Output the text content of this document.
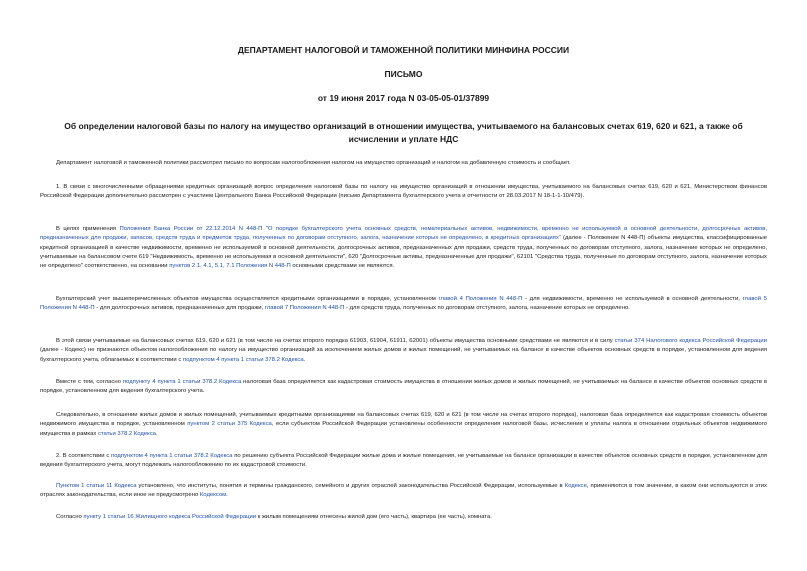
ДЕПАРТАМЕНТ НАЛОГОВОЙ И ТАМОЖЕННОЙ ПОЛИТИКИ МИНФИНА РОССИИ
ПИСЬМО
от 19 июня 2017 года N 03-05-05-01/37899
Об определении налоговой базы по налогу на имущество организаций в отношении имущества, учитываемого на балансовых счетах 619, 620 и 621, а также об исчислении и уплате НДС

Департамент налоговой и таможенной политики рассмотрел письмо по вопросам налогообложения налогом на имущество организаций и налогом на добавленную стоимость и сообщает.

1. В связи с многочисленными обращениями кредитных организаций вопрос определения налоговой базы по налогу на имущество организаций в отношении имущества, учитываемого на балансовых счетах 619, 620 и 621, Министерством финансов Российской Федерации дополнительно рассмотрен с участием Центрального Банка Российской Федерации (письмо Департамента бухгалтерского учета и отчетности от 28.03.2017 N 18-1-1-10/479).

В целях применения Положения Банка России от 22.12.2014 N 448-П "О порядке бухгалтерского учета основных средств, нематериальных активов, недвижимости, временно не используемой в основной деятельности, долгосрочных активов, предназначенных для продажи, запасов, средств труда и предметов труда, полученных по договорам отступного, залога, назначение которых не определено, в кредитных организациях" (далее - Положение N 448-П) объекты имущества, классифицированные кредитной организацией в качестве недвижимости, временно не используемой в основной деятельности, долгосрочных активов, предназначенных для продажи, средств труда, полученных по договорам отступного, залога, назначение которых не определено, учитываемые на балансовом счете 619 "Недвижимость, временно не используемая в основной деятельности", 620 "Долгосрочные активы, предназначенные для продажи", 62101 "Средства труда, полученные по договорам отступного, залога, назначение которых не определено" соответственно, на основании пунктов 2.1, 4.1, 5.1, 7.1 Положения N 448-П основными средствами не являются.

Бухгалтерский учет вышеперечисленных объектов имущества осуществляется кредитными организациями в порядке, установленном главой 4 Положения N 448-П - для недвижимости, временно не используемой в основной деятельности, главой 5 Положения N 448-П - для долгосрочных активов, предназначенных для продажи, главой 7 Положения N 448-П - для средств труда, полученных по договорам отступного, залога, назначение которых не определено.

В этой связи учитываемые на балансовых счетах 619, 620 и 621 (в том числе на счетах второго порядка 61903, 61904, 61911, 62001) объекты имущества основными средствами не являются и в силу статьи 374 Налогового кодекса Российской Федерации (далее - Кодекс) не признаются объектом налогообложения по налогу на имущество организаций за исключением жилых домов и жилых помещений, не учитываемых на балансе в качестве объектов основных средств в порядке, установленном для ведения бухгалтерского учета, облагаемых в соответствии с подпунктом 4 пункта 1 статьи 378.2 Кодекса.

Вместе с тем, согласно подпункту 4 пункта 1 статьи 378.2 Кодекса налоговая база определяется как кадастровая стоимость имущества в отношении жилых домов и жилых помещений, не учитываемых на балансе в качестве объектов основных средств в порядке, установленном для ведения бухгалтерского учета.

Следовательно, в отношении жилых домов и жилых помещений, учитываемых кредитными организациями на балансовых счетах 619, 620 и 621 (в том числе на счетах второго порядка), налоговая база определяется как кадастровая стоимость объектов недвижимого имущества в порядке, установленном пунктом 2 статьи 375 Кодекса, если субъектом Российской Федерации установлены особенности определения налоговой базы, исчисления и уплаты налога в отношении отдельных объектов недвижимого имущества в рамках статьи 378.2 Кодекса.

2. В соответствии с подпунктом 4 пункта 1 статьи 378.2 Кодекса по решению субъекта Российской Федерации жилые дома и жилые помещения, не учитываемые на балансе организации в качестве объектов основных средств в порядке, установленном для ведения бухгалтерского учета, могут подлежать налогообложению по их кадастровой стоимости.

Пунктом 1 статьи 11 Кодекса установлено, что институты, понятия и термины гражданского, семейного и других отраслей законодательства Российской Федерации, используемые в Кодексе, применяются в том значении, в каком они используются в этих отраслях законодательства, если иное не предусмотрено Кодексом.

Согласно пункту 1 статьи 16 Жилищного кодекса Российской Федерации к жилым помещениям отнесены жилой дом (его часть), квартира (ее часть), комната.
